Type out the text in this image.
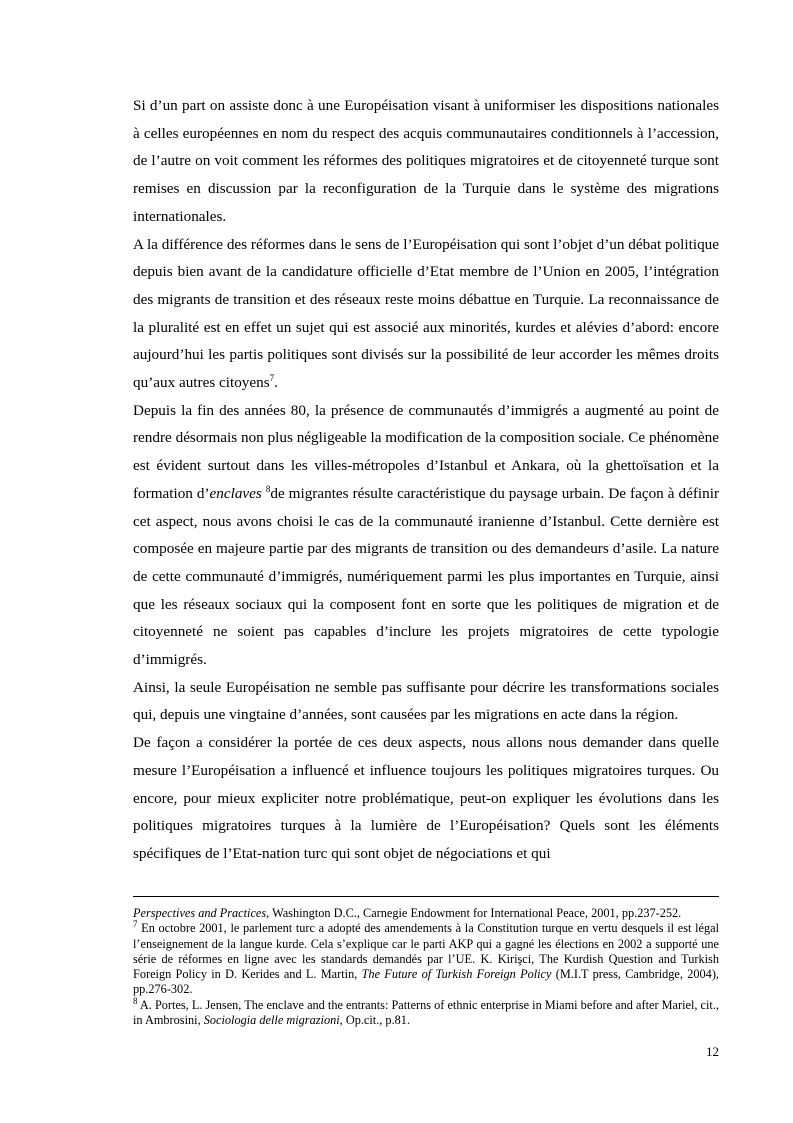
Si d’un part on assiste donc à une Européisation visant à uniformiser les dispositions nationales à celles européennes en nom du respect des acquis communautaires conditionnels à l’accession, de l’autre on voit comment les réformes des politiques migratoires et de citoyenneté turque sont remises en discussion par la reconfiguration de la Turquie dans le système des migrations internationales.

A la différence des réformes dans le sens de l’Européisation qui sont l’objet d’un débat politique depuis bien avant de la candidature officielle d’Etat membre de l’Union en 2005, l’intégration des migrants de transition et des réseaux reste moins débattue en Turquie. La reconnaissance de la pluralité est en effet un sujet qui est associé aux minorités, kurdes et alévies d’abord: encore aujourd’hui les partis politiques sont divisés sur la possibilité de leur accorder les mêmes droits qu’aux autres citoyens$^7$.

Depuis la fin des années 80, la présence de communautés d’immigrés a augmenté au point de rendre désormais non plus négligeable la modification de la composition sociale. Ce phénomène est évident surtout dans les villes-métropoles d’Istanbul et Ankara, où la ghettoïsation et la formation d’enclaves $^8$de migrantes résulte caractéristique du paysage urbain. De façon à définir cet aspect, nous avons choisi le cas de la communauté iranienne d’Istanbul. Cette dernière est composée en majeure partie par des migrants de transition ou des demandeurs d’asile. La nature de cette communauté d’immigrés, numériquement parmi les plus importantes en Turquie, ainsi que les réseaux sociaux qui la composent font en sorte que les politiques de migration et de citoyenneté ne soient pas capables d’inclure les projets migratoires de cette typologie d’immigrés.

Ainsi, la seule Européisation ne semble pas suffisante pour décrire les transformations sociales qui, depuis une vingtaine d’années, sont causées par les migrations en acte dans la région.

De façon a considérer la portée de ces deux aspects, nous allons nous demander dans quelle mesure l’Européisation a influencé et influence toujours les politiques migratoires turques. Ou encore, pour mieux expliciter notre problématique, peut-on expliquer les évolutions dans les politiques migratoires turques à la lumière de l’Européisation? Quels sont les éléments spécifiques de l’Etat-nation turc qui sont objet de négociations et qui

Perspectives and Practices, Washington D.C., Carnegie Endowment for International Peace, 2001, pp.237-252.

$^7$ En octobre 2001, le parlement turc a adopté des amendements à la Constitution turque en vertu desquels il est légal l’enseignement de la langue kurde. Cela s’explique car le parti AKP qui a gagné les élections en 2002 a supporté une série de réformes en ligne avec les standards demandés par l’UE. K. Kirişci, The Kurdish Question and Turkish Foreign Policy in D. Kerides and L. Martin, The Future of Turkish Foreign Policy (M.I.T press, Cambridge, 2004), pp.276-302.

$^8$ A. Portes, L. Jensen, The enclave and the entrants: Patterns of ethnic enterprise in Miami before and after Mariel, cit., in Ambrosini, Sociologia delle migrazioni, Op.cit., p.81.

12
